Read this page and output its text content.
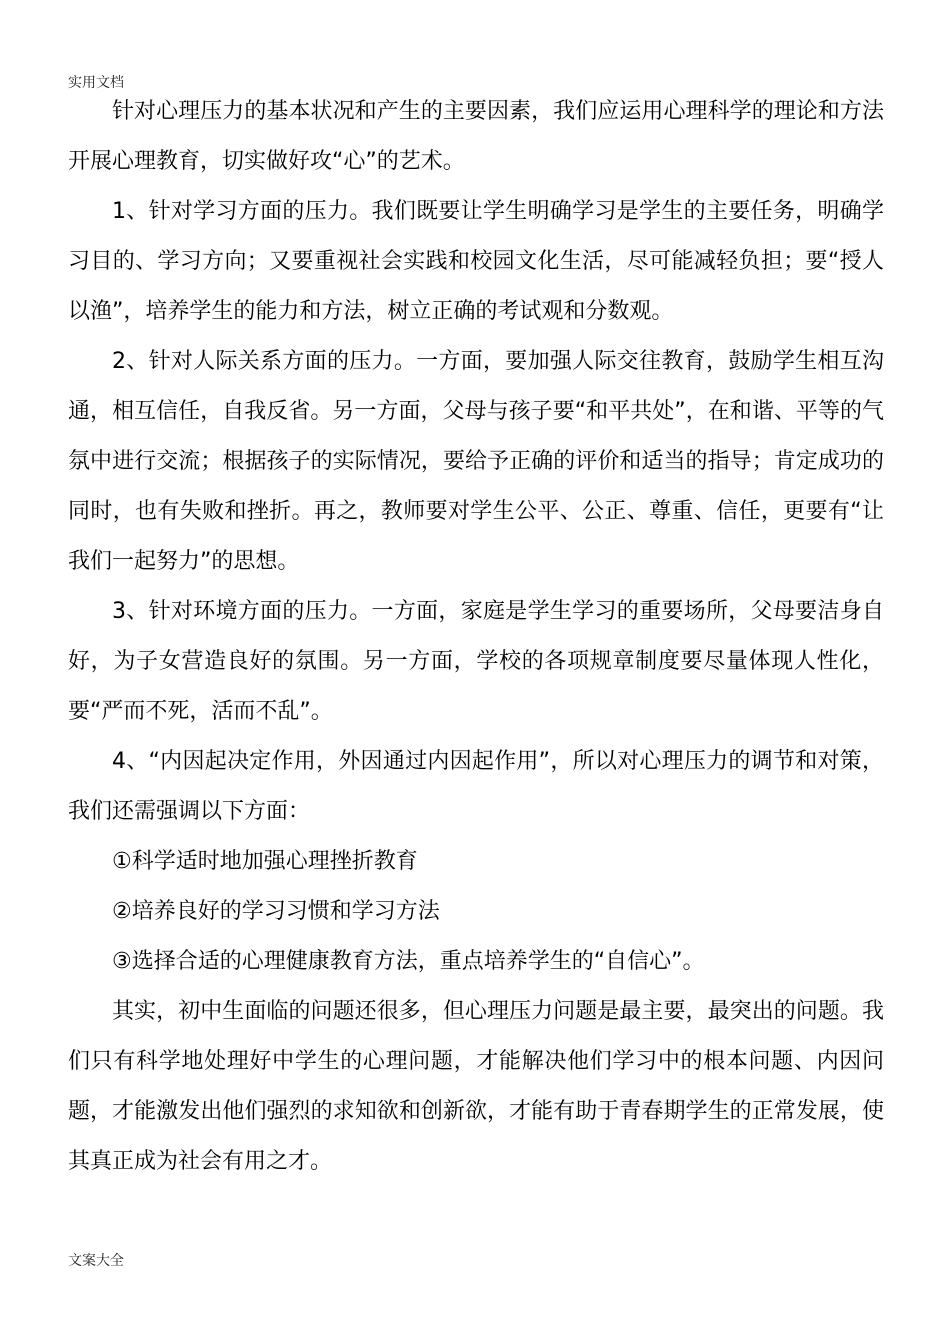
实用文档

针对心理压力的基本状况和产生的主要因素，我们应运用心理科学的理论和方法开展心理教育，切实做好攻“心”的艺术。

1、针对学习方面的压力。我们既要让学生明确学习是学生的主要任务，明确学习目的、学习方向；又要重视社会实践和校园文化生活，尽可能减轻负担；要“授人以渔”，培养学生的能力和方法，树立正确的考试观和分数观。

2、针对人际关系方面的压力。一方面，要加强人际交往教育，鼓励学生相互沟通，相互信任，自我反省。另一方面，父母与孩子要“和平共处”，在和谐、平等的气氛中进行交流；根据孩子的实际情况，要给予正确的评价和适当的指导；肯定成功的同时，也有失败和挫折。再之，教师要对学生公平、公正、尊重、信任，更要有“让我们一起努力”的思想。

3、针对环境方面的压力。一方面，家庭是学生学习的重要场所，父母要洁身自好，为子女营造良好的氛围。另一方面，学校的各项规章制度要尽量体现人性化，要“严而不死，活而不乱”。

4、“内因起决定作用，外因通过内因起作用”，所以对心理压力的调节和对策，我们还需强调以下方面：

①科学适时地加强心理挫折教育

②培养良好的学习习惯和学习方法

③选择合适的心理健康教育方法，重点培养学生的“自信心”。

其实，初中生面临的问题还很多，但心理压力问题是最主要，最突出的问题。我们只有科学地处理好中学生的心理问题，才能解决他们学习中的根本问题、内因问题，才能激发出他们强烈的求知欲和创新欲，才能有助于青春期学生的正常发展，使其真正成为社会有用之才。

文案大全
